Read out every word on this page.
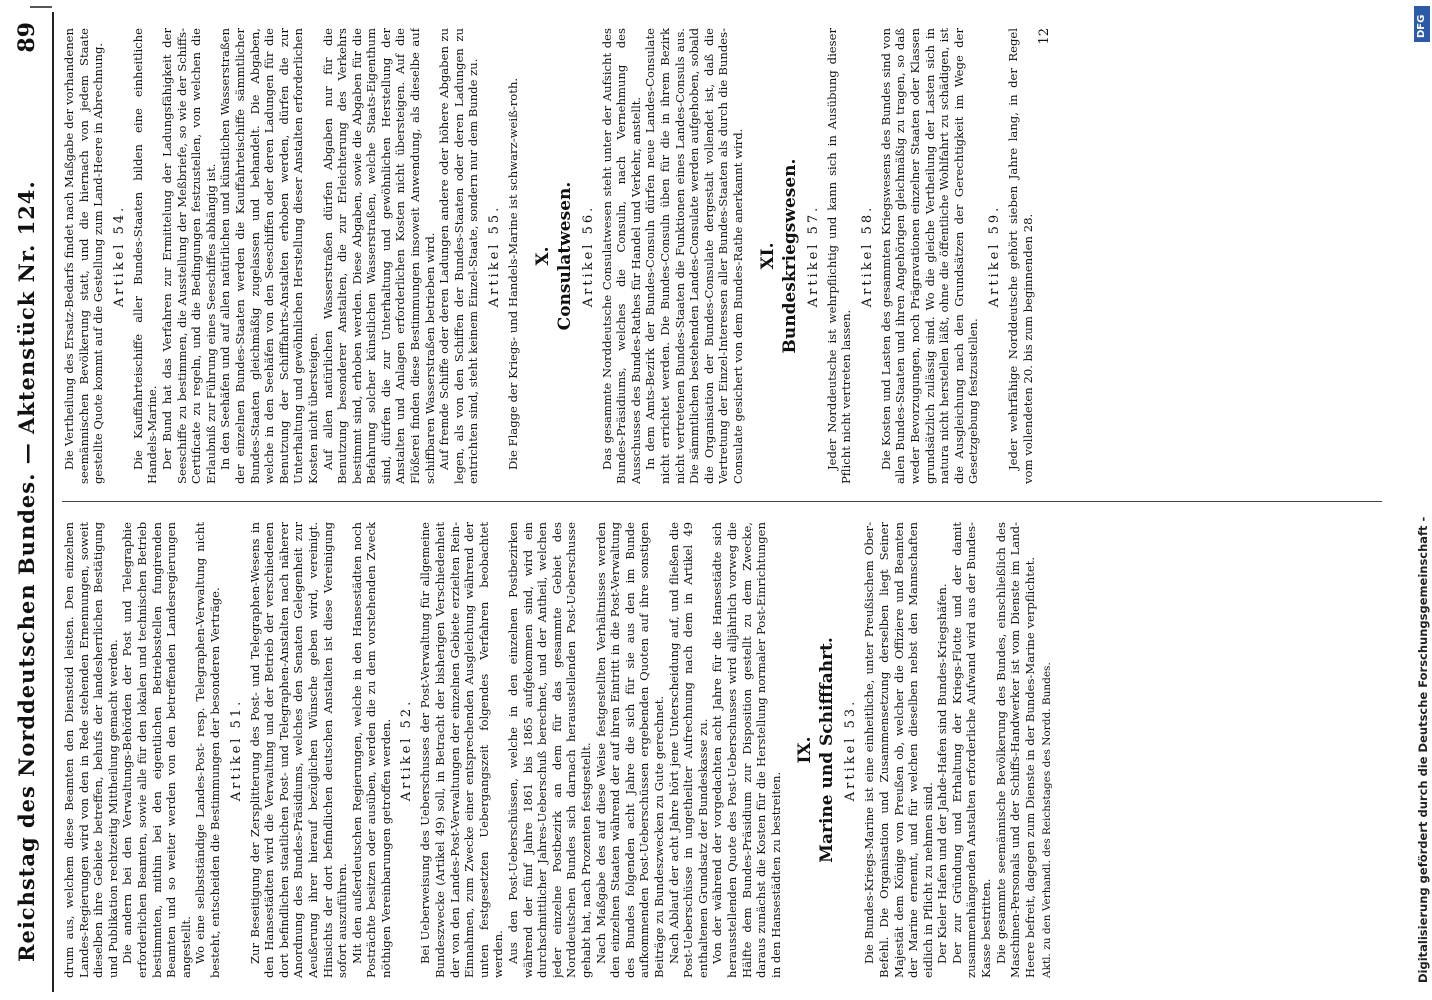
Reichstag des Norddeutschen Bundes. — Aktenstück Nr. 124.
89

drum aus, welchem diese Beamten den Diensteid leisten. Den einzelnen Landes-Regierungen wird von den in Rede stehenden Ernennungen, soweit dieselben ihre Gebiete betreffen, behufs der landesherrlichen Bestätigung und Publikation rechtzeitig Mittheilung gemacht werden. Die andern bei den Verwaltungs-Behörden der Post und Telegraphie erforderlichen Beamten, sowie alle für den lokalen und technischen Betrieb bestimmten, mithin bei den eigentlichen Betriebsstellen fungirenden Beamten und so weiter werden von den betreffenden Landesregierungen angestellt. Wo eine selbstständige Landes-Post- resp. Telegraphen-Verwaltung nicht besteht, entscheiden die Bestimmungen der besonderen Verträge. Artikel 51. Zur Beseitigung der Zersplitterung des Post- und Telegraphen-Wesens in den Hansestädten wird die Verwaltung und der Betrieb der verschiedenen dort befindlichen staatlichen Post- und Telegraphen-Anstalten nach näherer Anordnung des Bundes-Präsidiums, welches den Senaten Gelegenheit zur Aeußerung ihrer hierauf bezüglichen Wünsche geben wird, vereinigt. Hinsichts der dort befindlichen deutschen Anstalten ist diese Vereinigung sofort auszuführen. Mit den außerdeutschen Regierungen, welche in den Hansestädten noch Posträchte besitzen oder ausüben, werden die zu dem vorstehenden Zweck nöthigen Vereinbarungen getroffen werden. Artikel 52. Bei Ueberweisung des Ueberschusses der Post-Verwaltung für allgemeine Bundeszwecke (Artikel 49) soll, in Betracht der bisherigen Verschiedenheit der von den Landes-Post-Verwaltungen der einzelnen Gebiete erzielten Rein-Einnahmen, zum Zwecke einer entsprechenden Ausgleichung während der unten festgesetzten Uebergangszeit folgendes Verfahren beobachtet werden. Aus den Post-Ueberschüssen, welche in den einzelnen Postbezirken während der fünf Jahre 1861 bis 1865 aufgekommen sind, wird ein durchschnittlicher Jahres-Ueberschuß berechnet, und der Antheil, welchen jeder einzelne Postbezirk an dem für das gesammte Gebiet des Norddeutschen Bundes sich darnach herausstellenden Post-Ueberschusse gehabt hat, nach Prozenten festgestellt. Nach Maßgabe des auf diese Weise festgestellten Verhältnisses werden den einzelnen Staaten während der auf ihren Eintritt in die Post-Verwaltung des Bundes folgenden acht Jahre die sich für sie aus den im Bunde aufkommenden Post-Ueberschüssen ergebenden Quoten auf ihre sonstigen Beiträge zu Bundeszwecken zu Gute gerechnet. Nach Ablauf der acht Jahre hört jene Unterscheidung auf, und fließen die Post-Ueberschüsse in ungetheilter Aufrechnung nach dem in Artikel 49 enthaltenen Grundsatz der Bundeskasse zu. Von der während der vorgedachten acht Jahre für die Hansestädte sich herausstellenden Quote des Post-Ueberschusses wird alljährlich vorweg die Hälfte dem Bundes-Präsidium zur Disposition gestellt zu dem Zwecke, daraus zunächst die Kosten für die Herstellung normaler Post-Einrichtungen in den Hansestädten zu bestreiten.

IX. Marine und Schifffahrt. Artikel 53. Die Bundes-Kriegs-Marine ist eine einheitliche, unter Preußischem Ober-Befehl. Die Organisation und Zusammensetzung derselben liegt Seiner Majestät dem Könige von Preußen ob, welcher die Offiziere und Beamten der Marine ernennt, und für welchen dieselben nebst den Mannschaften eidlich in Pflicht zu nehmen sind. Der Kieler Hafen und der Jahde-Hafen sind Bundes-Kriegshäfen. Der zur Gründung und Erhaltung der Kriegs-Flotte und der damit zusammenhängenden Anstalten erforderliche Aufwand wird aus der Bundes-Kasse bestritten. Die gesammte seemännische Bevölkerung des Bundes, einschließlich des Maschinen-Personals und der Schiffs-Handwerker ist vom Dienste im Land-Heere befreit, dagegen zum Dienste in der Bundes-Marine verpflichtet. Aktl. zu den Verhandl. des Reichstages des Nordd. Bundes.

Die Vertheilung des Ersatz-Bedarfs findet nach Maßgabe der vorhandenen seemännischen Bevölkerung statt, und die hiernach von jedem Staate gestellte Quote kommt auf die Gestellung zum Land-Heere in Abrechnung. Artikel 54. Die Kauffahrteischiffe aller Bundes-Staaten bilden eine einheitliche Handels-Marine. Der Bund hat das Verfahren zur Ermittelung der Ladungsfähigkeit der Seeschiffe zu bestimmen, die Ausstellung der Meßbriefe, so wie der Schiffs-Certificate zu regeln, und die Bedingungen festzustellen, von welchen die Erlaubniß zur Führung eines Seeschiffes abhängig ist. In den Seehäfen und auf allen natürlichen und künstlichen Wasserstraßen der einzelnen Bundes-Staaten werden die Kauffahrteischiffe sämmtlicher Bundes-Staaten gleichmäßig zugelassen und behandelt. Die Abgaben, welche in den Seehäfen von den Seeschiffen oder deren Ladungen für die Benutzung der Schifffahrts-Anstalten erhoben werden, dürfen die zur Unterhaltung und gewöhnlichen Herstellung dieser Anstalten erforderlichen Kosten nicht übersteigen. Auf allen natürlichen Wasserstraßen dürfen Abgaben nur für die Benutzung besonderer Anstalten, die zur Erleichterung des Verkehrs bestimmt sind, erhoben werden. Diese Abgaben, sowie die Abgaben für die Befahrung solcher künstlichen Wasserstraßen, welche Staats-Eigenthum sind, dürfen die zur Unterhaltung und gewöhnlichen Herstellung der Anstalten und Anlagen erforderlichen Kosten nicht übersteigen. Auf die Flößerei finden diese Bestimmungen insoweit Anwendung, als dieselbe auf schiffbaren Wasserstraßen betrieben wird. Auf fremde Schiffe oder deren Ladungen andere oder höhere Abgaben zu legen, als von den Schiffen der Bundes-Staaten oder deren Ladungen zu entrichten sind, steht keinem Einzel-Staate, sondern nur dem Bunde zu. Artikel 55. Die Flagge der Kriegs- und Handels-Marine ist schwarz-weiß-roth. X. Consulatwesen. Artikel 56. Das gesammte Norddeutsche Consulatwesen steht unter der Aufsicht des Bundes-Präsidiums, welches die Consuln, nach Vernehmung des Ausschusses des Bundes-Rathes für Handel und Verkehr, anstellt. In dem Amts-Bezirk der Bundes-Consuln dürfen neue Landes-Consulate nicht errichtet werden. Die Bundes-Consuln üben für die in ihrem Bezirk nicht vertretenen Bundes-Staaten die Funktionen eines Landes-Consuls aus. Die sämmtlichen bestehenden Landes-Consulate werden aufgehoben, sobald die Organisation der Bundes-Consulate dergestalt vollendet ist, daß die Vertretung der Einzel-Interessen aller Bundes-Staaten als durch die Bundes-Consulate gesichert von dem Bundes-Rathe anerkannt wird. XI. Bundeskriegswesen. Artikel 57. Jeder Norddeutsche ist wehrpflichtig und kann sich in Ausübung dieser Pflicht nicht vertreten lassen.

Artikel 58. Die Kosten und Lasten des gesammten Kriegswesens des Bundes sind von allen Bundes-Staaten und ihren Angehörigen gleichmäßig zu tragen, so daß weder Bevorzugungen, noch Prägravationen einzelner Staaten oder Klassen grundsätzlich zulässig sind. Wo die gleiche Vertheilung der Lasten sich in natura nicht herstellen läßt, ohne die öffentliche Wohlfahrt zu schädigen, ist die Ausgleichung nach den Grundsätzen der Gerechtigkeit im Wege der Gesetzgebung festzustellen.

Artikel 59. Jeder wehrfähige Norddeutsche gehört sieben Jahre lang, in der Regel vom vollendeten 20. bis zum beginnenden 28.

12
Digitalisierung gefördert durch die Deutsche Forschungsgemeinschaft -
DFG
